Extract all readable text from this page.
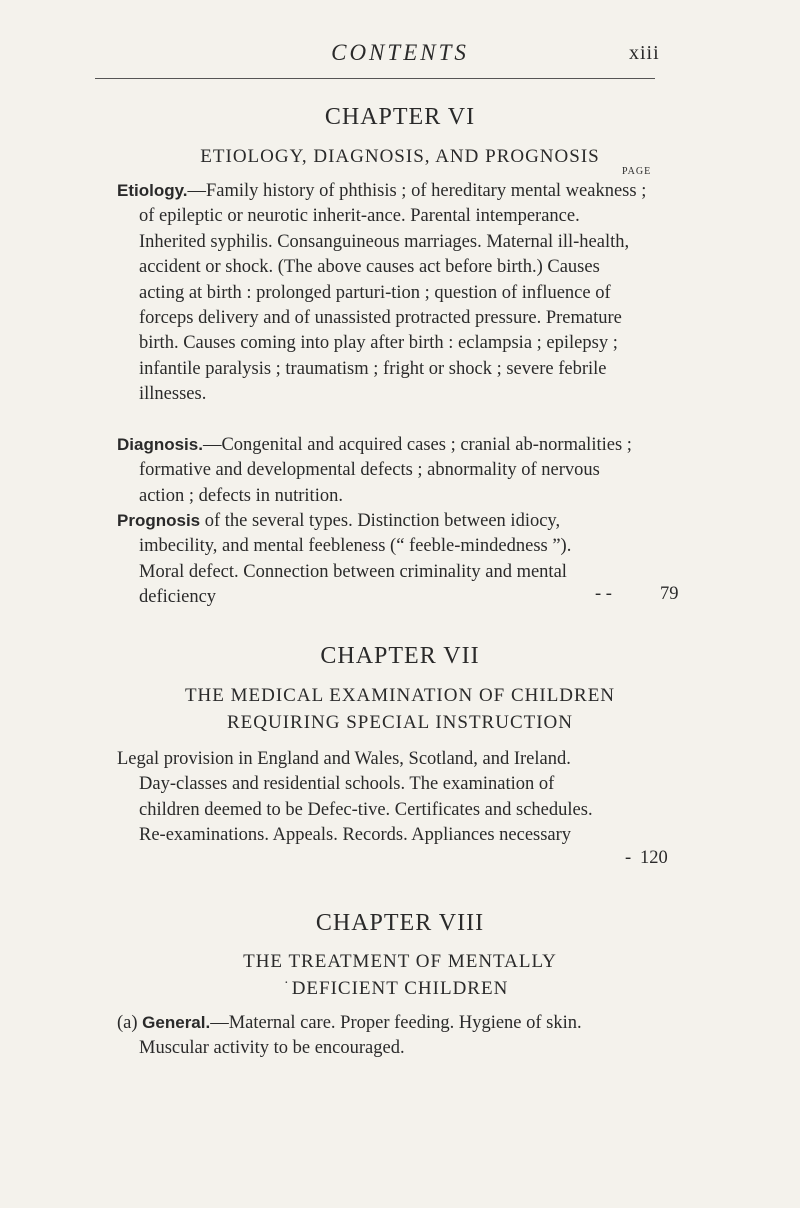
CONTENTS	xiii
CHAPTER VI
ETIOLOGY, DIAGNOSIS, AND PROGNOSIS
PAGE

Etiology.—Family history of phthisis ; of hereditary mental weakness ; of epileptic or neurotic inherit-ance. Parental intemperance. Inherited syphilis. Consanguineous marriages. Maternal ill-health, accident or shock. (The above causes act before birth.) Causes acting at birth : prolonged parturi-tion ; question of influence of forceps delivery and of unassisted protracted pressure. Premature birth. Causes coming into play after birth : eclampsia ; epilepsy ; infantile paralysis ; traumatism ; fright or shock ; severe febrile illnesses.

Diagnosis.—Congenital and acquired cases ; cranial ab-normalities ; formative and developmental defects ; abnormality of nervous action ; defects in nutrition.

Prognosis of the several types. Distinction between idiocy, imbecility, and mental feebleness (“ feeble-mindedness ”). Moral defect. Connection between criminality and mental deficiency	- -	79
CHAPTER VII
THE MEDICAL EXAMINATION OF CHILDREN
REQUIRING SPECIAL INSTRUCTION

Legal provision in England and Wales, Scotland, and Ireland. Day-classes and residential schools. The examination of children deemed to be Defec-tive. Certificates and schedules. Re-examinations. Appeals. Records. Appliances necessary

- 120
CHAPTER VIII
THE TREATMENT OF MENTALLY
DEFICIENT CHILDREN
·

(a) General.—Maternal care. Proper feeding. Hygiene of skin. Muscular activity to be encouraged.
